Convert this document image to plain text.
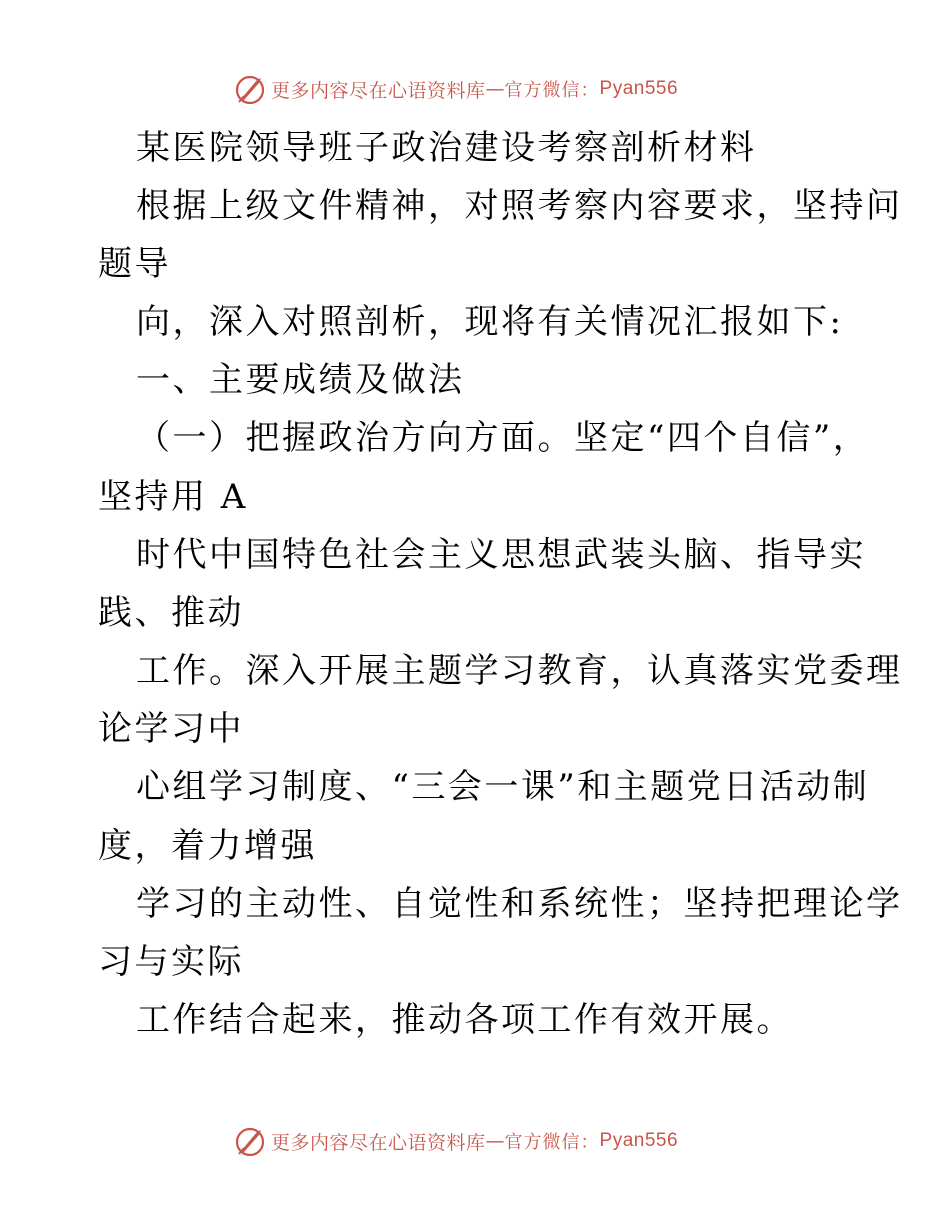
更多内容尽在心语资料库 — 官方微信： Pyan556
某医院领导班子政治建设考察剖析材料
根据上级文件精神，对照考察内容要求，坚持问
题导
向，深入对照剖析，现将有关情况汇报如下:
一、主要成绩及做法
（一）把握政治方向方面。坚定“四个自信”，
坚持用 A
时代中国特色社会主义思想武装头脑、指导实
践、推动
工作。深入开展主题学习教育，认真落实党委理
论学习中
心组学习制度、“三会一课”和主题党日活动制
度，着力增强
学习的主动性、自觉性和系统性；坚持把理论学
习与实际
工作结合起来，推动各项工作有效开展。
更多内容尽在心语资料库 — 官方微信： Pyan556
